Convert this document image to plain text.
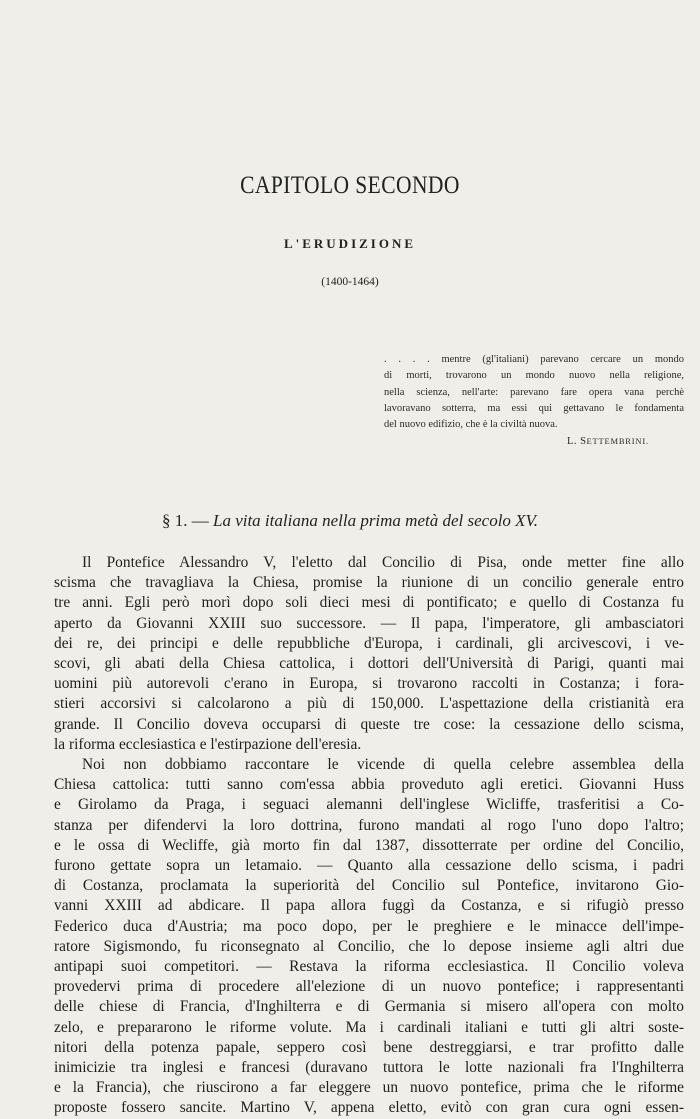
CAPITOLO SECONDO
L'ERUDIZIONE
(1400-1464)
. . . . mentre (gl'italiani) parevano cercare un mondo
di morti, trovarono un mondo nuovo nella religione,
nella scienza, nell'arte: parevano fare opera vana perchè
lavoravano sotterra, ma essi qui gettavano le fondamenta
del nuovo edifizio, che è la civiltà nuova.
L. SETTEMBRINI.
§ 1. — La vita italiana nella prima metà del secolo XV.
Il Pontefice Alessandro V, l'eletto dal Concilio di Pisa, onde metter fine allo
scisma che travagliava la Chiesa, promise la riunione di un concilio generale entro
tre anni. Egli però morì dopo soli dieci mesi di pontificato; e quello di Costanza fu
aperto da Giovanni XXIII suo successore. — Il papa, l'imperatore, gli ambasciatori
dei re, dei principi e delle repubbliche d'Europa, i cardinali, gli arcivescovi, i ve-
scovi, gli abati della Chiesa cattolica, i dottori dell'Università di Parigi, quanti mai
uomini più autorevoli c'erano in Europa, si trovarono raccolti in Costanza; i fora-
stieri accorsivi si calcolarono a più di 150,000. L'aspettazione della cristianità era
grande. Il Concilio doveva occuparsi di queste tre cose: la cessazione dello scisma,
la riforma ecclesiastica e l'estirpazione dell'eresia.
Noi non dobbiamo raccontare le vicende di quella celebre assemblea della
Chiesa cattolica: tutti sanno com'essa abbia proveduto agli eretici. Giovanni Huss
e Girolamo da Praga, i seguaci alemanni dell'inglese Wicliffe, trasferitisi a Co-
stanza per difendervi la loro dottrina, furono mandati al rogo l'uno dopo l'altro;
e le ossa di Wecliffe, già morto fin dal 1387, dissotterrate per ordine del Concilio,
furono gettate sopra un letamaio. — Quanto alla cessazione dello scisma, i padri
di Costanza, proclamata la superiorità del Concilio sul Pontefice, invitarono Gio-
vanni XXIII ad abdicare. Il papa allora fuggì da Costanza, e si rifugiò presso
Federico duca d'Austria; ma poco dopo, per le preghiere e le minacce dell'impe-
ratore Sigismondo, fu riconsegnato al Concilio, che lo depose insieme agli altri due
antipapi suoi competitori. — Restava la riforma ecclesiastica. Il Concilio voleva
provedervi prima di procedere all'elezione di un nuovo pontefice; i rappresentanti
delle chiese di Francia, d'Inghilterra e di Germania si misero all'opera con molto
zelo, e prepararono le riforme volute. Ma i cardinali italiani e tutti gli altri soste-
nitori della potenza papale, seppero così bene destreggiarsi, e trar profitto dalle
inimicizie tra inglesi e francesi (duravano tuttora le lotte nazionali fra l'Inghilterra
e la Francia), che riuscirono a far eleggere un nuovo pontefice, prima che le riforme
proposte fossero sancite. Martino V, appena eletto, evitò con gran cura ogni essen-
